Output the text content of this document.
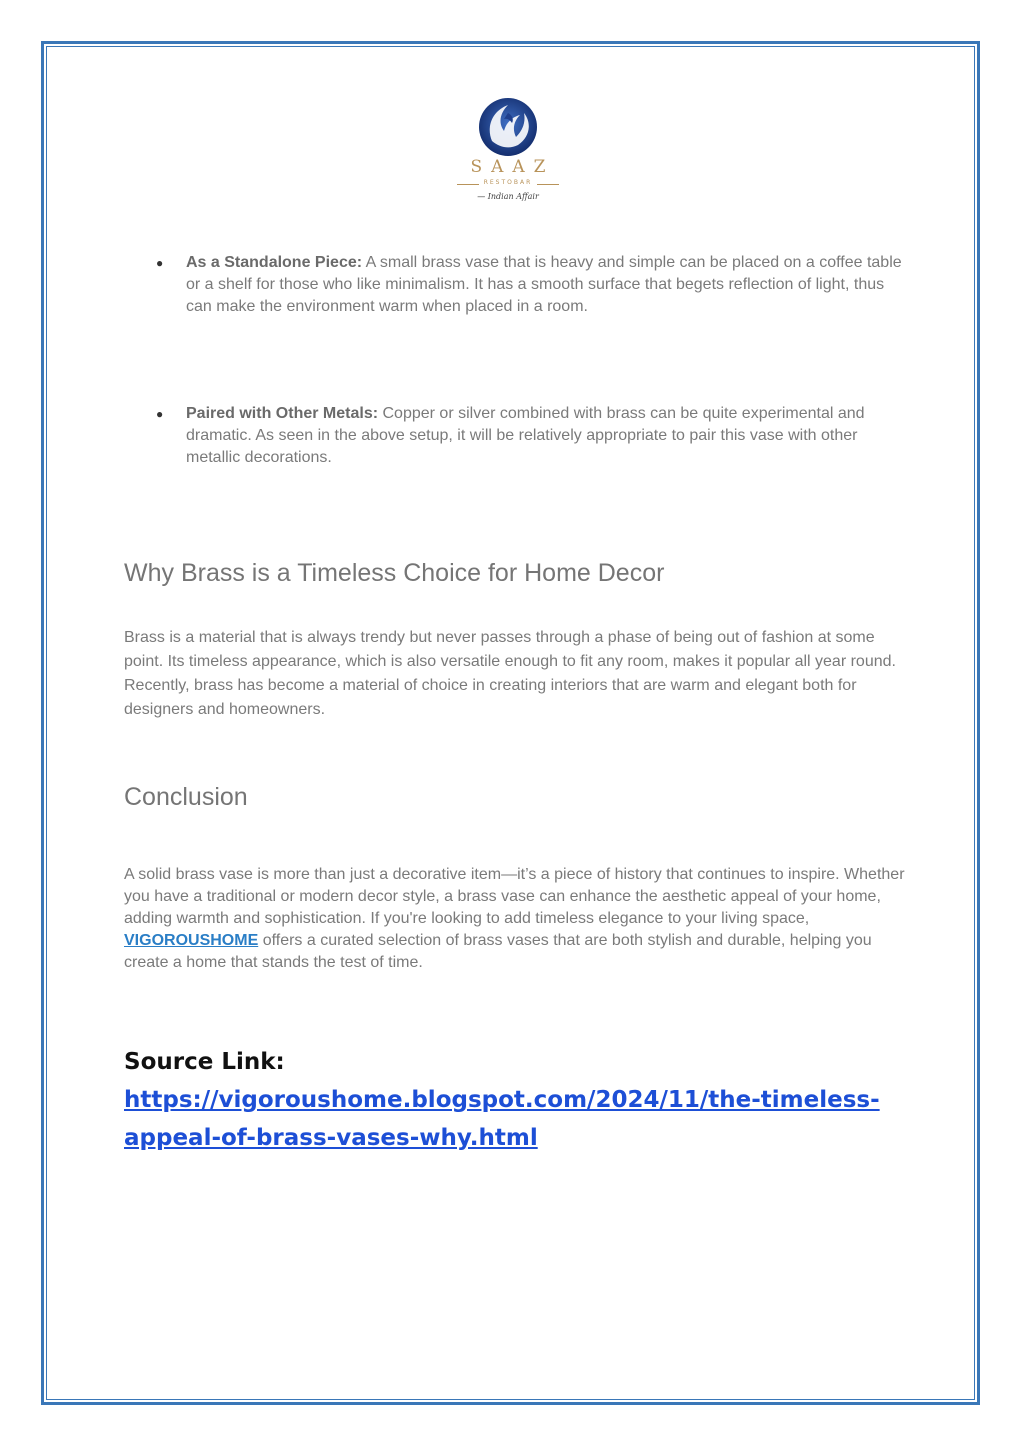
SAAZ
RESTOBAR
— Indian Affair
● As a Standalone Piece: A small brass vase that is heavy and simple can be placed on a coffee table or a shelf for those who like minimalism. It has a smooth surface that begets reflection of light, thus can make the environment warm when placed in a room.
● Paired with Other Metals: Copper or silver combined with brass can be quite experimental and dramatic. As seen in the above setup, it will be relatively appropriate to pair this vase with other metallic decorations.
Why Brass is a Timeless Choice for Home Decor
Brass is a material that is always trendy but never passes through a phase of being out of fashion at some point. Its timeless appearance, which is also versatile enough to fit any room, makes it popular all year round. Recently, brass has become a material of choice in creating interiors that are warm and elegant both for designers and homeowners.
Conclusion
A solid brass vase is more than just a decorative item—it’s a piece of history that continues to inspire. Whether you have a traditional or modern decor style, a brass vase can enhance the aesthetic appeal of your home, adding warmth and sophistication. If you're looking to add timeless elegance to your living space, VIGOROUSHOME offers a curated selection of brass vases that are both stylish and durable, helping you create a home that stands the test of time.
Source Link: https://vigoroushome.blogspot.com/2024/11/the-timeless-appeal-of-brass-vases-why.html
